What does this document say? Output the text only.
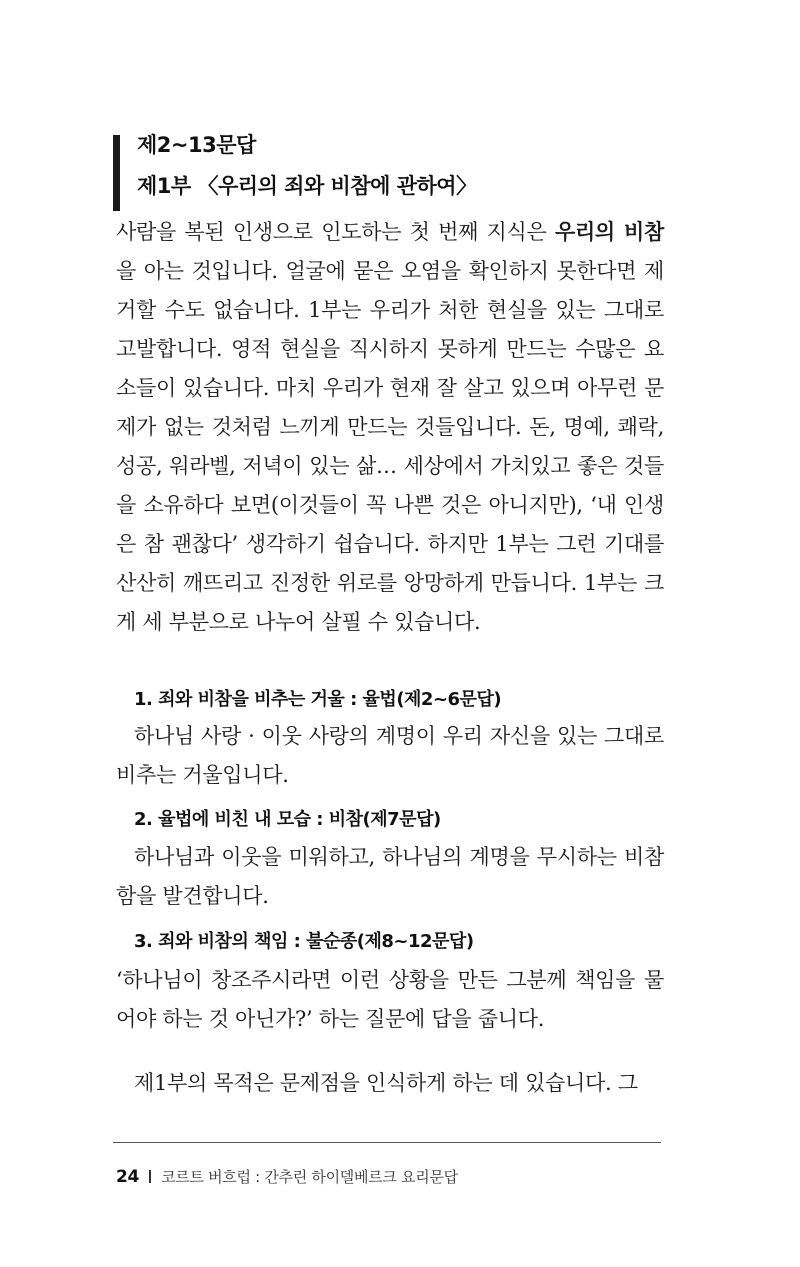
제2~13문답
제1부 〈우리의 죄와 비참에 관하여〉

사람을 복된 인생으로 인도하는 첫 번째 지식은 우리의 비참을 아는 것입니다. 얼굴에 묻은 오염을 확인하지 못한다면 제거할 수도 없습니다. 1부는 우리가 처한 현실을 있는 그대로 고발합니다. 영적 현실을 직시하지 못하게 만드는 수많은 요소들이 있습니다. 마치 우리가 현재 잘 살고 있으며 아무런 문제가 없는 것처럼 느끼게 만드는 것들입니다. 돈, 명예, 쾌락, 성공, 워라벨, 저녁이 있는 삶… 세상에서 가치있고 좋은 것들을 소유하다 보면(이것들이 꼭 나쁜 것은 아니지만), ‘내 인생은 참 괜찮다’ 생각하기 쉽습니다. 하지만 1부는 그런 기대를 산산히 깨뜨리고 진정한 위로를 앙망하게 만듭니다. 1부는 크게 세 부분으로 나누어 살필 수 있습니다.

1. 죄와 비참을 비추는 거울 : 율법(제2~6문답)

하나님 사랑 · 이웃 사랑의 계명이 우리 자신을 있는 그대로 비추는 거울입니다.

2. 율법에 비친 내 모습 : 비참(제7문답)

하나님과 이웃을 미워하고, 하나님의 계명을 무시하는 비참함을 발견합니다.

3. 죄와 비참의 책임 : 불순종(제8~12문답)

‘하나님이 창조주시라면 이런 상황을 만든 그분께 책임을 물어야 하는 것 아닌가?’ 하는 질문에 답을 줍니다.

제1부의 목적은 문제점을 인식하게 하는 데 있습니다. 그

24 코르트 버흐럽 : 간추린 하이델베르크 요리문답
